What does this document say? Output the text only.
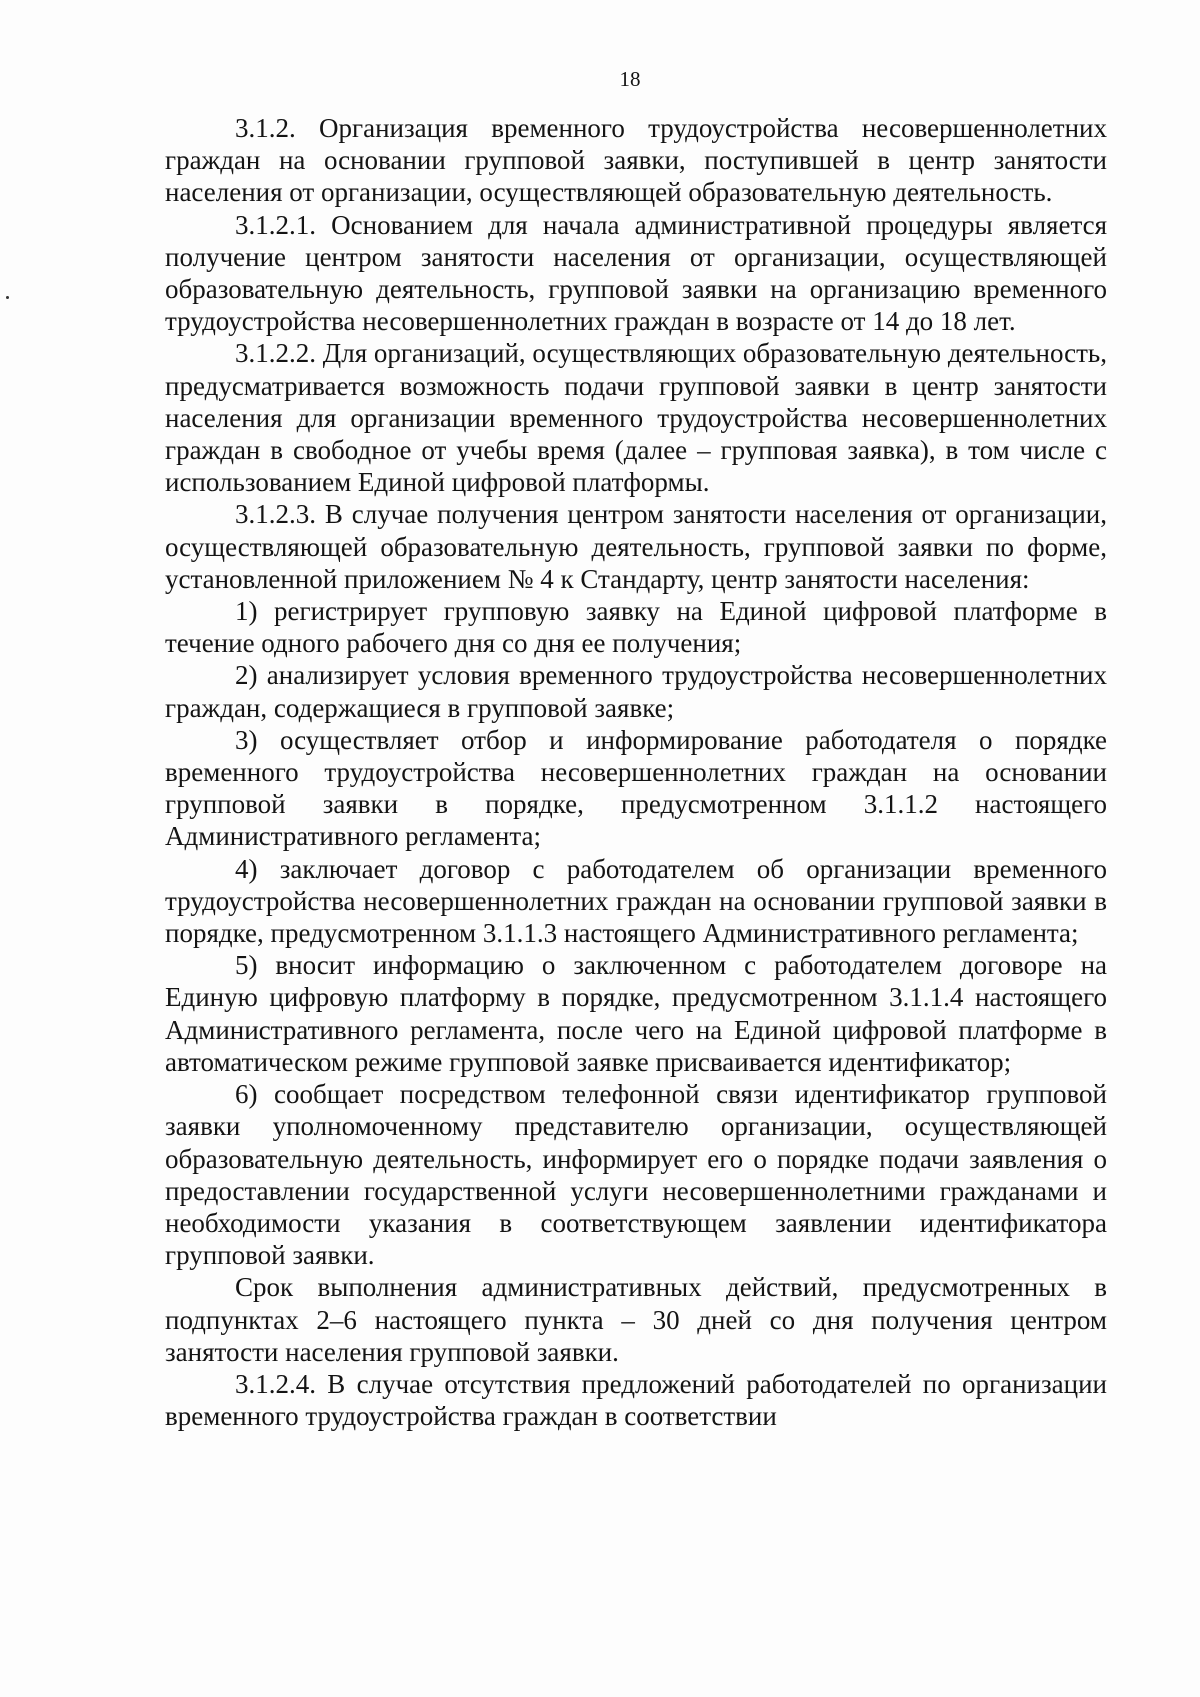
18

3.1.2. Организация временного трудоустройства несовершеннолетних граждан на основании групповой заявки, поступившей в центр занятости населения от организации, осуществляющей образовательную деятельность.

3.1.2.1. Основанием для начала административной процедуры является получение центром занятости населения от организации, осуществляющей образовательную деятельность, групповой заявки на организацию временного трудоустройства несовершеннолетних граждан в возрасте от 14 до 18 лет.

3.1.2.2. Для организаций, осуществляющих образовательную деятельность, предусматривается возможность подачи групповой заявки в центр занятости населения для организации временного трудоустройства несовершеннолетних граждан в свободное от учебы время (далее – групповая заявка), в том числе с использованием Единой цифровой платформы.

3.1.2.3. В случае получения центром занятости населения от организации, осуществляющей образовательную деятельность, групповой заявки по форме, установленной приложением № 4 к Стандарту, центр занятости населения:

1) регистрирует групповую заявку на Единой цифровой платформе в течение одного рабочего дня со дня ее получения;

2) анализирует условия временного трудоустройства несовершеннолетних граждан, содержащиеся в групповой заявке;

3) осуществляет отбор и информирование работодателя о порядке временного трудоустройства несовершеннолетних граждан на основании групповой заявки в порядке, предусмотренном 3.1.1.2 настоящего Административного регламента;

4) заключает договор с работодателем об организации временного трудоустройства несовершеннолетних граждан на основании групповой заявки в порядке, предусмотренном 3.1.1.3 настоящего Административного регламента;

5) вносит информацию о заключенном с работодателем договоре на Единую цифровую платформу в порядке, предусмотренном 3.1.1.4 настоящего Административного регламента, после чего на Единой цифровой платформе в автоматическом режиме групповой заявке присваивается идентификатор;

6) сообщает посредством телефонной связи идентификатор групповой заявки уполномоченному представителю организации, осуществляющей образовательную деятельность, информирует его о порядке подачи заявления о предоставлении государственной услуги несовершеннолетними гражданами и необходимости указания в соответствующем заявлении идентификатора групповой заявки.

Срок выполнения административных действий, предусмотренных в подпунктах 2–6 настоящего пункта – 30 дней со дня получения центром занятости населения групповой заявки.

3.1.2.4. В случае отсутствия предложений работодателей по организации временного трудоустройства граждан в соответствии
